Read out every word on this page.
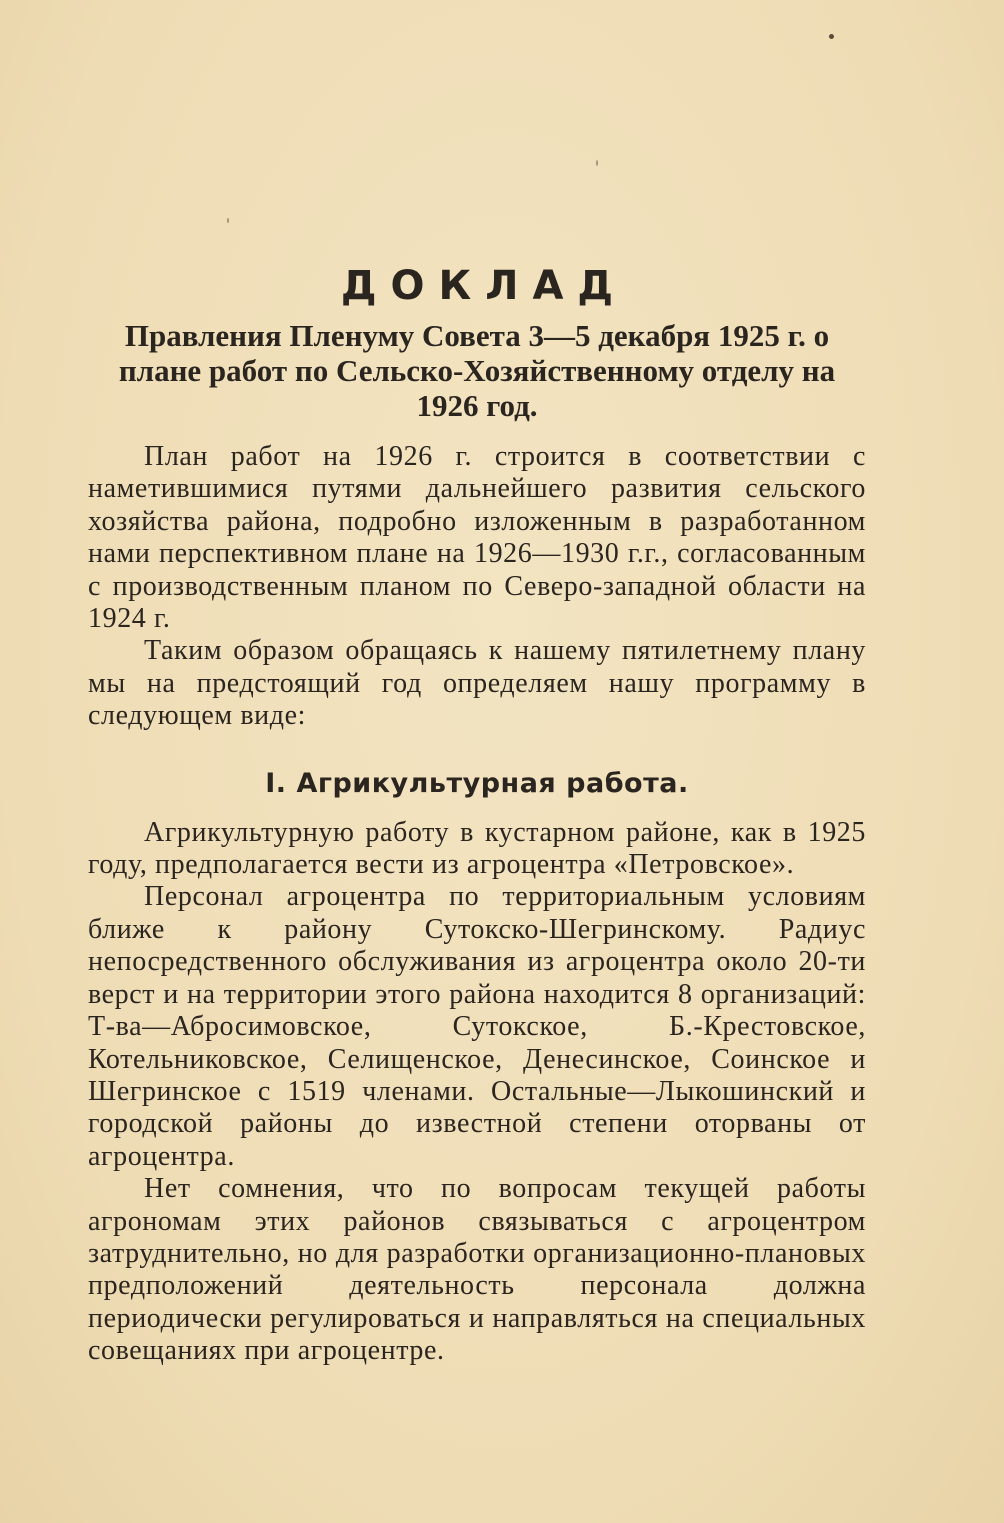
ДОКЛАД
Правления Пленуму Совета 3—5 декабря 1925 г. о плане работ по Сельско-Хозяйственному отделу на 1926 год.

План работ на 1926 г. строится в соответствии с наметившимися путями дальнейшего развития сельского хозяйства района, подробно изложенным в разработанном нами перспективном плане на 1926—1930 г.г., согласованным с производственным планом по Северо-западной области на 1924 г.

Таким образом обращаясь к нашему пятилетнему плану мы на предстоящий год определяем нашу программу в следующем виде:

I. Агрикультурная работа.

Агрикультурную работу в кустарном районе, как в 1925 году, предполагается вести из агроцентра «Петровское».

Персонал агроцентра по территориальным условиям ближе к району Сутокско-Шегринскому. Радиус непосредственного обслуживания из агроцентра около 20-ти верст и на территории этого района находится 8 организаций: Т-ва—Абросимовское, Сутокское, Б.-Крестовское, Котельниковское, Селищенское, Денесинское, Соинское и Шегринское с 1519 членами. Остальные—Лыкошинский и городской районы до известной степени оторваны от агроцентра.

Нет сомнения, что по вопросам текущей работы агрономам этих районов связываться с агроцентром затруднительно, но для разработки организационно-плановых предположений деятельность персонала должна периодически регулироваться и направляться на специальных совещаниях при агроцентре.
